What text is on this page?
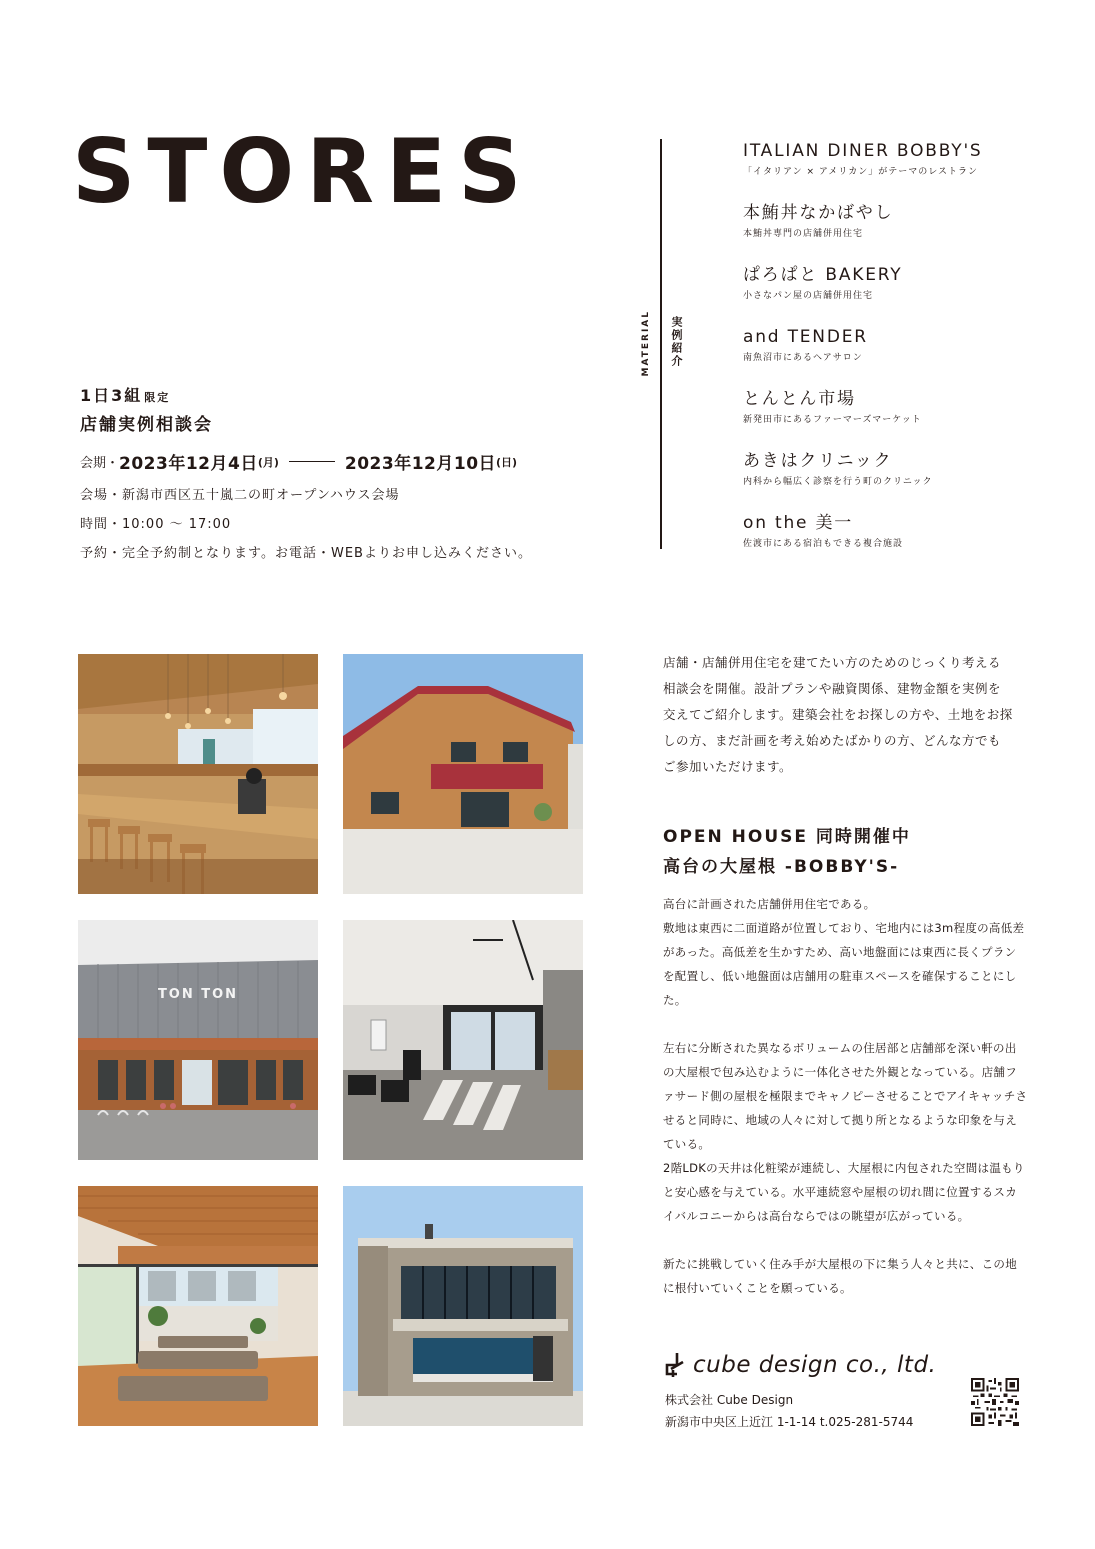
STORES
1日3組 限定
店舗実例相談会
会期・ 2023年12月4日 (月)	2023年12月10日 (日)
会場・新潟市西区五十嵐二の町オープンハウス会場
時間・10:00 〜 17:00
予約・完全予約制となります。お電話・WEBよりお申し込みください。
MATERIAL 実例紹介
ITALIAN DINER BOBBY'S
「イタリアン × アメリカン」がテーマのレストラン
本鮪丼なかばやし
本鮪丼専門の店舗併用住宅
ぱろぱと BAKERY
小さなパン屋の店舗併用住宅
and TENDER
南魚沼市にあるヘアサロン
とんとん市場
新発田市にあるファーマーズマーケット
あきはクリニック
内科から幅広く診察を行う町のクリニック
on the 美一
佐渡市にある宿泊もできる複合施設
TON TON
店舗・店舗併用住宅を建てたい方のためのじっくり考える相談会を開催。設計プランや融資関係、建物金額を実例を交えてご紹介します。建築会社をお探しの方や、土地をお探しの方、まだ計画を考え始めたばかりの方、どんな方でもご参加いただけます。
OPEN HOUSE 同時開催中
高台の大屋根 -BOBBY'S-

高台に計画された店舗併用住宅である。
敷地は東西に二面道路が位置しており、宅地内には3m程度の高低差があった。高低差を生かすため、高い地盤面には東西に長くプランを配置し、低い地盤面は店舗用の駐車スペースを確保することにした。

左右に分断された異なるボリュームの住居部と店舗部を深い軒の出の大屋根で包み込むように一体化させた外観となっている。店舗ファサード側の屋根を極限までキャノピーさせることでアイキャッチさせると同時に、地域の人々に対して拠り所となるような印象を与えている。
2階LDKの天井は化粧梁が連続し、大屋根に内包された空間は温もりと安心感を与えている。水平連続窓や屋根の切れ間に位置するスカイバルコニーからは高台ならではの眺望が広がっている。

新たに挑戦していく住み手が大屋根の下に集う人々と共に、この地に根付いていくことを願っている。

cube design co., ltd.
株式会社 Cube Design
新潟市中央区上近江 1-1-14 t.025-281-5744
